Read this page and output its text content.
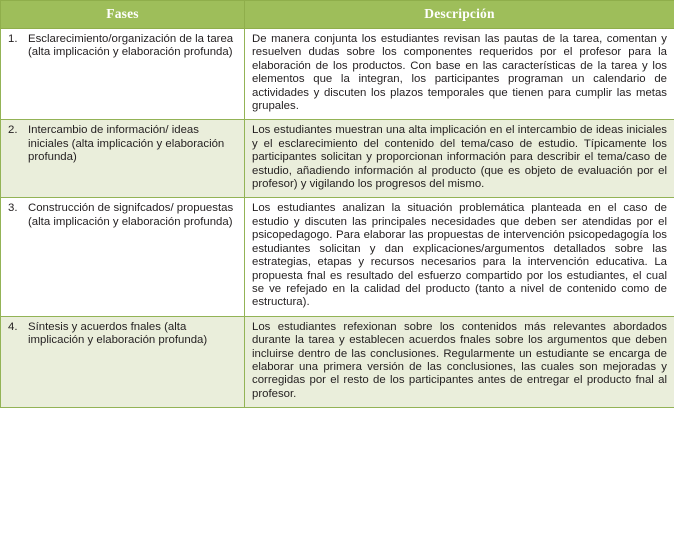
Fases	Descripción

1. Esclarecimiento/organización de la tarea (alta implicación y elaboración profunda)	De manera conjunta los estudiantes revisan las pautas de la tarea, comentan y resuelven dudas sobre los componentes requeridos por el profesor para la elaboración de los productos. Con base en las características de la tarea y los elementos que la integran, los participantes programan un calendario de actividades y discuten los plazos temporales que tienen para cumplir las metas grupales.

2. Intercambio de información/ ideas iniciales (alta implicación y elaboración profunda)	Los estudiantes muestran una alta implicación en el intercambio de ideas iniciales y el esclarecimiento del contenido del tema/caso de estudio. Típicamente los participantes solicitan y proporcionan información para describir el tema/caso de estudio, añadiendo información al producto (que es objeto de evaluación por el profesor) y vigilando los progresos del mismo.

3. Construcción de signifcados/ propuestas (alta implicación y elaboración profunda)	Los estudiantes analizan la situación problemática planteada en el caso de estudio y discuten las principales necesidades que deben ser atendidas por el psicopedagogo. Para elaborar las propuestas de intervención psicopedagogía los estudiantes solicitan y dan explicaciones/argumentos detallados sobre las estrategias, etapas y recursos necesarios para la intervención educativa. La propuesta fnal es resultado del esfuerzo compartido por los estudiantes, el cual se ve refejado en la calidad del producto (tanto a nivel de contenido como de estructura).

4. Síntesis y acuerdos fnales (alta implicación y elaboración profunda)	Los estudiantes refexionan sobre los contenidos más relevantes abordados durante la tarea y establecen acuerdos fnales sobre los argumentos que deben incluirse dentro de las conclusiones. Regularmente un estudiante se encarga de elaborar una primera versión de las conclusiones, las cuales son mejoradas y corregidas por el resto de los participantes antes de entregar el producto fnal al profesor.
